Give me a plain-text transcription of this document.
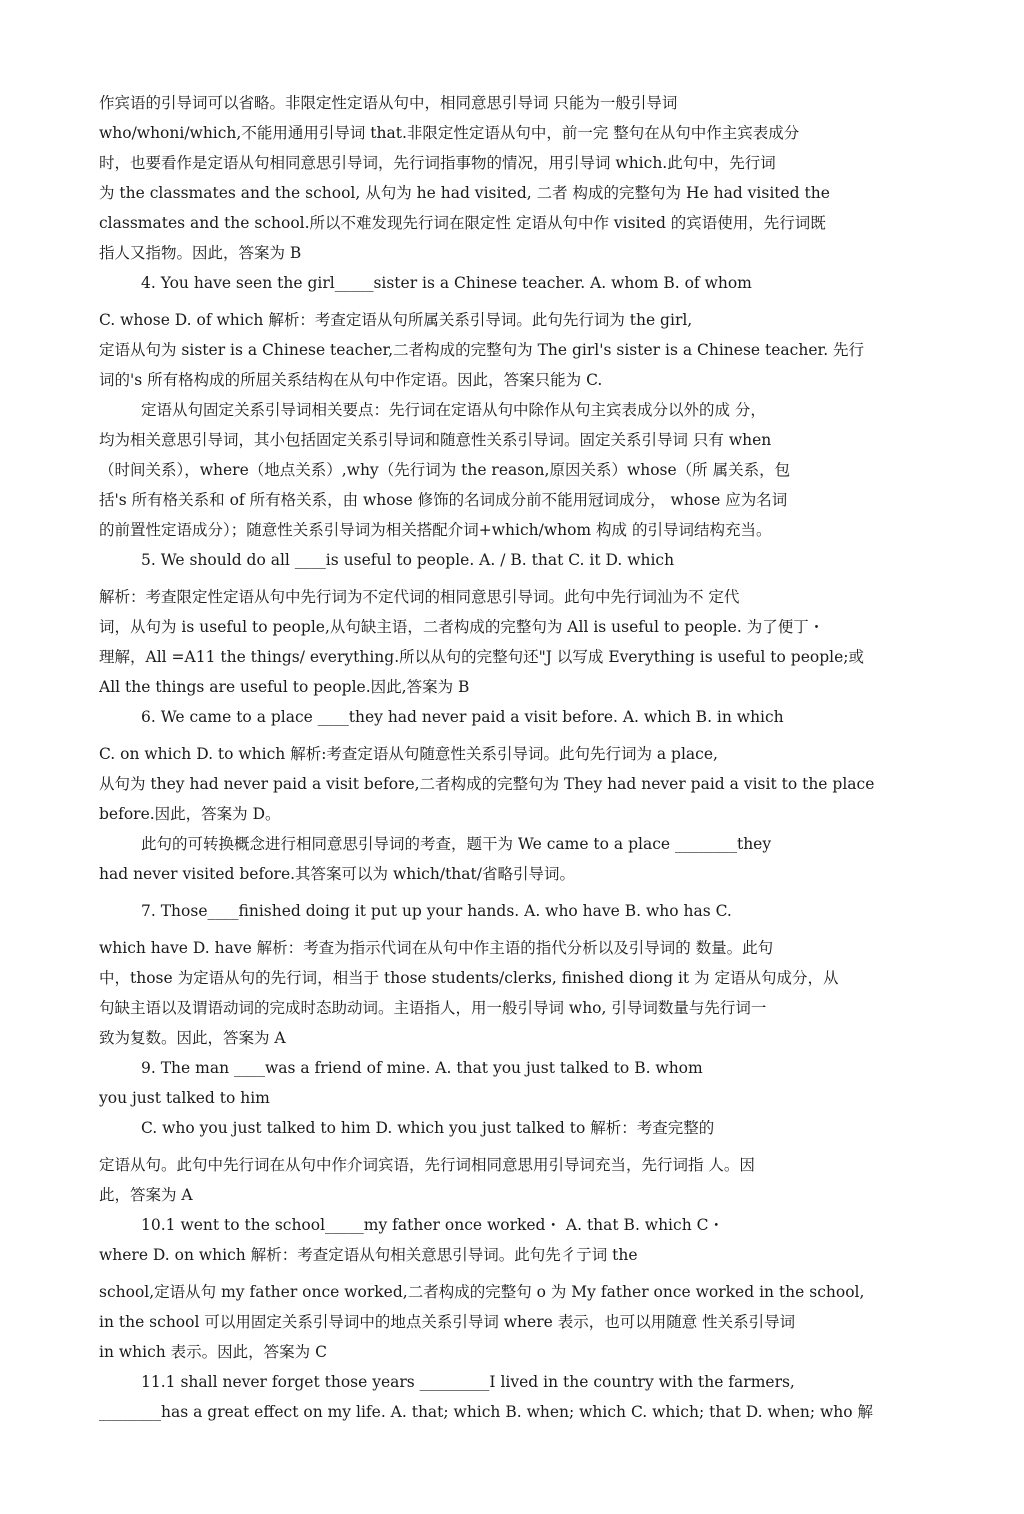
作宾语的引导词可以省略。非限定性定语从句中，相同意思引导词 只能为一般引导词
who/whoni/which,不能用通用引导词 that.非限定性定语从句中，前一完 整句在从句中作主宾表成分
时，也要看作是定语从句相同意思引导词，先行词指事物的情况，用引导词 which.此句中，先行词
为 the classmates and the school, 从句为 he had visited, 二者 构成的完整句为 He had visited the
classmates and the school.所以不难发现先行词在限定性 定语从句中作 visited 的宾语使用，先行词既
指人又指物。因此，答案为 B
4. You have seen the girl_____sister is a Chinese teacher. A. whom B. of whom
C. whose D. of which 解析：考查定语从句所属关系引导词。此句先行词为 the girl,
定语从句为 sister is a Chinese teacher,二者构成的完整句为 The girl's sister is a Chinese teacher. 先行
词的's 所有格构成的所屈关系结构在从句中作定语。因此，答案只能为 C.
定语从句固定关系引导词相关要点：先行词在定语从句中除作从句主宾表成分以外的成 分，
均为相关意思引导词，其小包括固定关系引导词和随意性关系引导词。固定关系引导词 只有 when
（时间关系），where（地点关系）,why（先行词为 the reason,原因关系）whose（所 属关系，包
括's 所有格关系和 of 所有格关系，由 whose 修饰的名词成分前不能用冠词成分， whose 应为名词
的前置性定语成分）；随意性关系引导词为相关搭配介词+which/whom 构成 的引导词结构充当。
5. We should do all ____is useful to people. A. / B. that C. it D. which
解析：考查限定性定语从句中先行词为不定代词的相同意思引导词。此句中先行词汕为不 定代
词，从句为 is useful to people,从句缺主语，二者构成的完整句为 All is useful to people. 为了便丁・
理解，All =A11 the things/ everything.所以从句的完整句还"J 以写成 Everything is useful to people;或
All the things are useful to people.因此,答案为 B
6. We came to a place ____they had never paid a visit before. A. which B. in which
C. on which D. to which 解析:考查定语从句随意性关系引导词。此句先行词为 a place,
从句为 they had never paid a visit before,二者构成的完整句为 They had never paid a visit to the place
before.因此，答案为 D。
此句的可转换概念进行相同意思引导词的考查，题干为 We came to a place ________they
had never visited before.其答案可以为 which/that/省略引导词。
7. Those____finished doing it put up your hands. A. who have B. who has C.
which have D. have 解析：考查为指示代词在从句中作主语的指代分析以及引导词的 数量。此句
中，those 为定语从句的先行词，相当于 those students/clerks, finished diong it 为 定语从句成分，从
句缺主语以及谓语动词的完成时态助动词。主语指人，用一般引导词 who, 引导词数量与先行词一
致为复数。因此，答案为 A
9. The man ____was a friend of mine. A. that you just talked to B. whom
you just talked to him
C. who you just talked to him D. which you just talked to 解析：考查完整的
定语从句。此句中先行词在从句中作介词宾语，先行词相同意思用引导词充当，先行词指 人。因
此，答案为 A
10.1 went to the school_____my father once worked・ A. that B. which C・
where D. on which 解析：考查定语从句相关意思引导词。此句先彳亍词 the
school,定语从句 my father once worked,二者构成的完整句 o 为 My father once worked in the school,
in the school 可以用固定关系引导词中的地点关系引导词 where 表示，也可以用随意 性关系引导词
in which 表示。因此，答案为 C
11.1 shall never forget those years _________I lived in the country with the farmers,
________has a great effect on my life. A. that; which B. when; which C. which; that D. when; who 解
